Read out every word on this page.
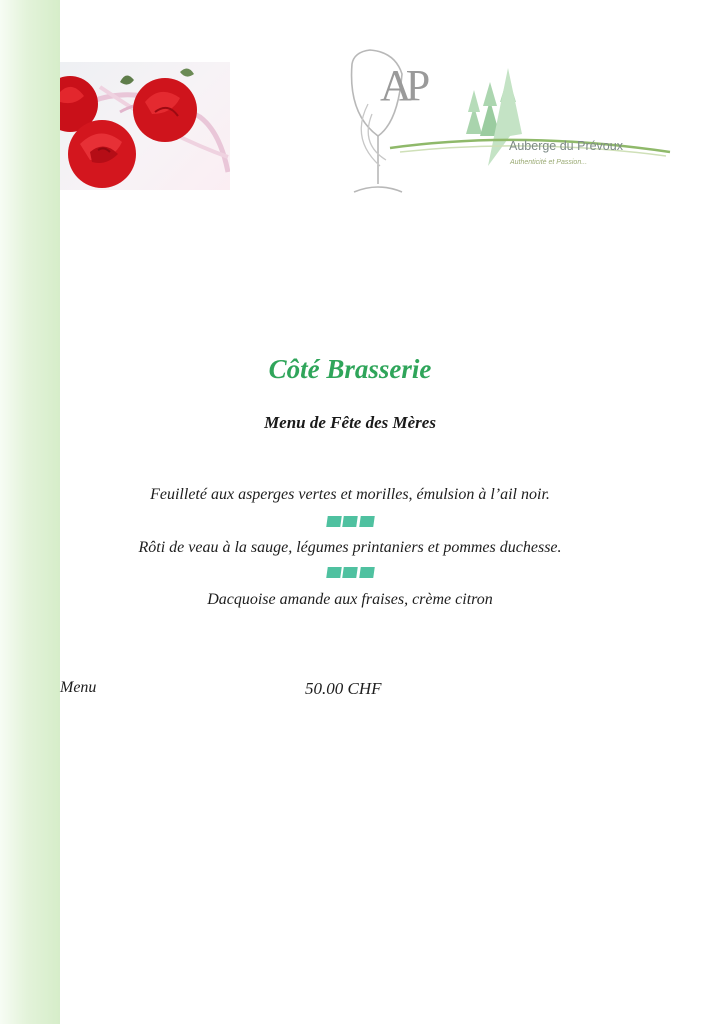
AP
Auberge du Prévoux
Authenticité et Passion...
Côté Brasserie
Menu de Fête des Mères
Feuilleté aux asperges vertes et morilles, émulsion à l’ail noir.
Rôti de veau à la sauge, légumes printaniers et pommes duchesse.
Dacquoise amande aux fraises, crème citron
Menu	50.00 CHF
